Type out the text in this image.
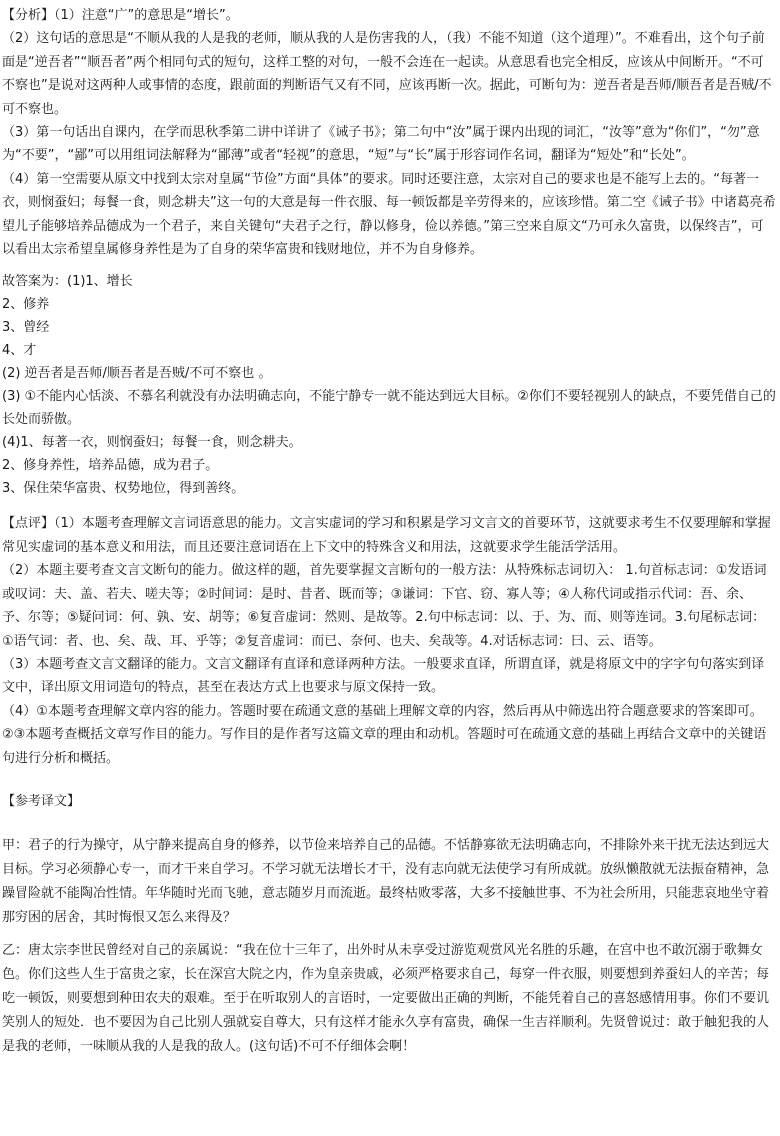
【分析】（1）注意“广”的意思是“增长”。

（2）这句话的意思是“不顺从我的人是我的老师，顺从我的人是伤害我的人，（我）不能不知道（这个道理）”。不难看出，这个句子前面是“逆吾者”“顺吾者”两个相同句式的短句，这样工整的对句，一般不会连在一起读。从意思看也完全相反，应该从中间断开。“不可不察也”是说对这两种人或事情的态度，跟前面的判断语气又有不同，应该再断一次。据此，可断句为：逆吾者是吾师/顺吾者是吾贼/不可不察也。

（3）第一句话出自课内，在学而思秋季第二讲中详讲了《诫子书》；第二句中“汝”属于课内出现的词汇，“汝等”意为“你们”，“勿”意为“不要”，“鄙”可以用组词法解释为“鄙薄”或者“轻视”的意思，“短”与“长”属于形容词作名词，翻译为“短处”和“长处”。

（4）第一空需要从原文中找到太宗对皇属“节俭”方面“具体”的要求。同时还要注意，太宗对自己的要求也是不能写上去的。“每著一衣，则悯蚕妇；每餐一食，则念耕夫”这一句的大意是每一件衣服、每一顿饭都是辛劳得来的，应该珍惜。第二空《诫子书》中诸葛亮希望儿子能够培养品德成为一个君子，来自关键句“夫君子之行，静以修身，俭以养德。”第三空来自原文“乃可永久富贵，以保终吉”，可以看出太宗希望皇属修身养性是为了自身的荣华富贵和钱财地位，并不为自身修养。

故答案为：(1)1、增长

2、修养

3、曾经

4、才

(2) 逆吾者是吾师/顺吾者是吾贼/不可不察也 。

(3) ①不能内心恬淡、不慕名利就没有办法明确志向，不能宁静专一就不能达到远大目标。②你们不要轻视别人的缺点，不要凭借自己的长处而骄傲。

(4)1、每著一衣，则悯蚕妇；每餐一食，则念耕夫。

2、修身养性，培养品德，成为君子。

3、保住荣华富贵、权势地位，得到善终。

【点评】（1）本题考查理解文言词语意思的能力。文言实虚词的学习和积累是学习文言文的首要环节，这就要求考生不仅要理解和掌握常见实虚词的基本意义和用法，而且还要注意词语在上下文中的特殊含义和用法，这就要求学生能活学活用。

（2）本题主要考查文言文断句的能力。做这样的题，首先要掌握文言断句的一般方法：从特殊标志词切入： 1.句首标志词：①发语词或叹词：夫、盖、若夫、嗟夫等；②时间词：是时、昔者、既而等；③谦词：下官、窃、寡人等；④人称代词或指示代词：吾、余、予、尔等；⑤疑问词：何、孰、安、胡等；⑥复音虚词：然则、是故等。2.句中标志词：以、于、为、而、则等连词。3.句尾标志词：①语气词：者、也、矣、哉、耳、乎等；②复音虚词：而已、奈何、也夫、矣哉等。4.对话标志词：曰、云、语等。

（3）本题考查文言文翻译的能力。文言文翻译有直译和意译两种方法。一般要求直译，所谓直译，就是将原文中的字字句句落实到译文中，译出原文用词造句的特点，甚至在表达方式上也要求与原文保持一致。

（4）①本题考查理解文章内容的能力。答题时要在疏通文意的基础上理解文章的内容，然后再从中筛选出符合题意要求的答案即可。②③本题考查概括文章写作目的能力。写作目的是作者写这篇文章的理由和动机。答题时可在疏通文意的基础上再结合文章中的关键语句进行分析和概括。

【参考译文】

甲：君子的行为操守，从宁静来提高自身的修养，以节俭来培养自己的品德。不恬静寡欲无法明确志向，不排除外来干扰无法达到远大目标。学习必须静心专一，而才干来自学习。不学习就无法增长才干，没有志向就无法使学习有所成就。放纵懒散就无法振奋精神，急躁冒险就不能陶冶性情。年华随时光而飞驰，意志随岁月而流逝。最终枯败零落，大多不接触世事、不为社会所用，只能悲哀地坐守着那穷困的居舍，其时悔恨又怎么来得及？

乙：唐太宗李世民曾经对自己的亲属说：“我在位十三年了，出外时从未享受过游览观赏风光名胜的乐趣，在宫中也不敢沉溺于歌舞女色。你们这些人生于富贵之家，长在深宫大院之内，作为皇亲贵戚，必须严格要求自己，每穿一件衣服，则要想到养蚕妇人的辛苦；每吃一顿饭，则要想到种田农夫的艰难。至于在听取别人的言语时，一定要做出正确的判断，不能凭着自己的喜怒感情用事。你们不要讥笑别人的短处．也不要因为自己比别人强就妄自尊大，只有这样才能永久享有富贵，确保一生吉祥顺利。先贤曾说过：敢于触犯我的人是我的老师，一味顺从我的人是我的敌人。(这句话)不可不仔细体会啊！
